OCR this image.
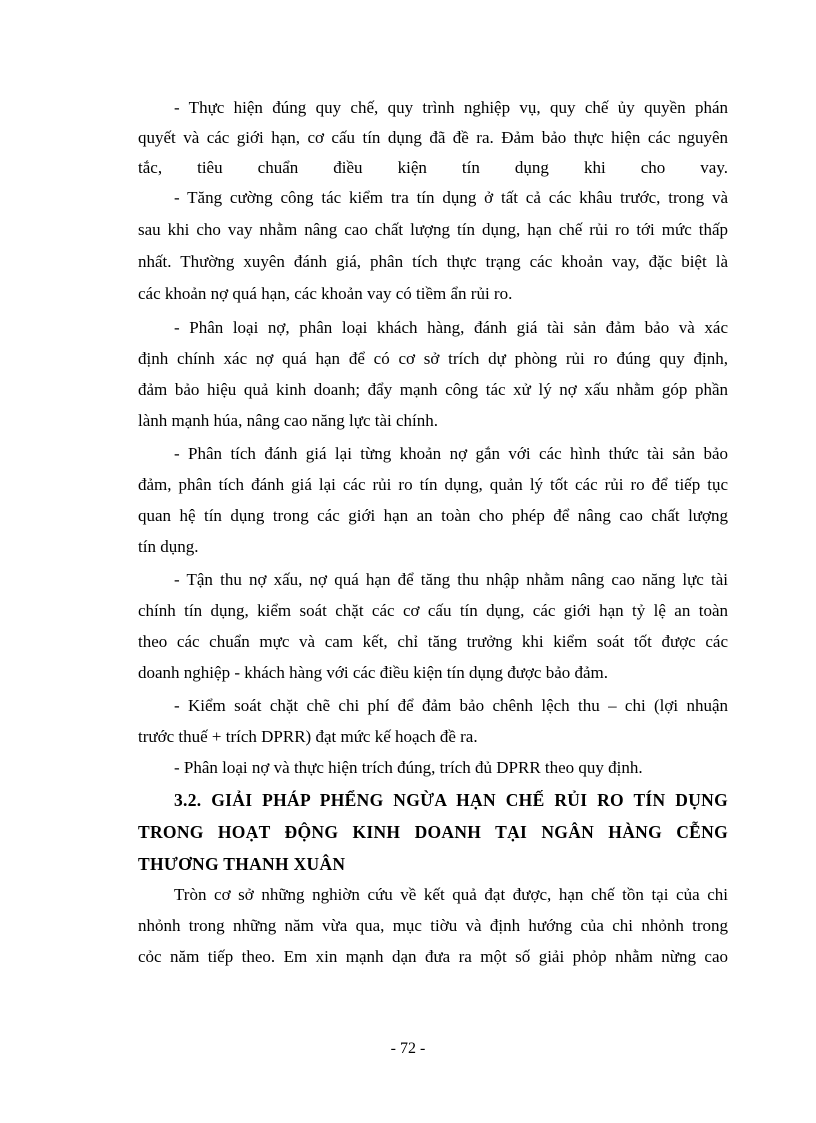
- Thực hiện đúng quy chế, quy trình nghiệp vụ, quy chế ủy quyền phán
quyết và các giới hạn, cơ cấu tín dụng đã đề ra. Đảm bảo thực hiện các nguyên
tắc, tiêu chuẩn điều kiện tín dụng khi cho vay.
- Tăng cường công tác kiểm tra tín dụng ở tất cả các khâu trước, trong và
sau khi cho vay nhằm nâng cao chất lượng tín dụng, hạn chế rủi ro tới mức thấp
nhất. Thường xuyên đánh giá, phân tích thực trạng các khoản vay, đặc biệt là
các khoản nợ quá hạn, các khoản vay có tiềm ẩn rủi ro.
- Phân loại nợ, phân loại khách hàng, đánh giá tài sản đảm bảo và xác
định chính xác nợ quá hạn để có cơ sở trích dự phòng rủi ro đúng quy định,
đảm bảo hiệu quả kinh doanh; đẩy mạnh công tác xử lý nợ xấu nhằm góp phần
lành mạnh húa, nâng cao năng lực tài chính.
- Phân tích đánh giá lại từng khoản nợ gắn với các hình thức tài sản bảo
đảm, phân tích đánh giá lại các rủi ro tín dụng, quản lý tốt các rủi ro để tiếp tục
quan hệ tín dụng trong các giới hạn an toàn cho phép để nâng cao chất lượng
tín dụng.
- Tận thu nợ xấu, nợ quá hạn để tăng thu nhập nhằm nâng cao năng lực tài
chính tín dụng, kiểm soát chặt các cơ cấu tín dụng, các giới hạn tỷ lệ an toàn
theo các chuẩn mực và cam kết, chỉ tăng trưởng khi kiểm soát tốt được các
doanh nghiệp - khách hàng với các điều kiện tín dụng được bảo đảm.
- Kiểm soát chặt chẽ chi phí để đảm bảo chênh lệch thu – chi (lợi nhuận
trước thuế + trích DPRR) đạt mức kế hoạch đề ra.
- Phân loại nợ và thực hiện trích đúng, trích đủ DPRR theo quy định.
3.2. GIẢI PHÁP PHỂNG NGỪA HẠN CHẾ RỦI RO TÍN DỤNG
TRONG HOẠT ĐỘNG KINH DOANH TẠI NGÂN HÀNG CỄNG
THƯƠNG THANH XUÂN
Tròn cơ sở những nghiờn cứu về kết quả đạt được, hạn chế tồn tại của chi
nhỏnh trong những năm vừa qua, mục tiờu và định hướng của chi nhỏnh trong
cỏc năm tiếp theo. Em xin mạnh dạn đưa ra một số giải phỏp nhằm nừng cao
- 72 -
